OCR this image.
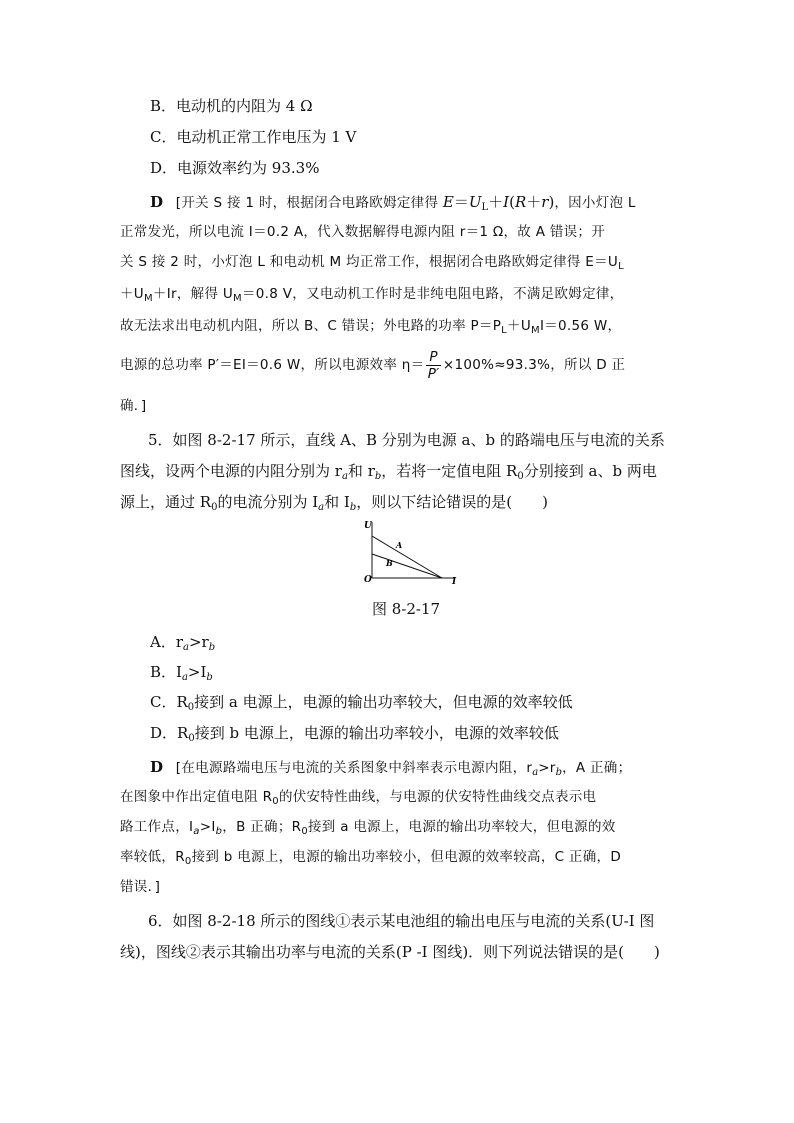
B．电动机的内阻为 4 Ω
C．电动机正常工作电压为 1 V
D．电源效率约为 93.3%
D [开关 S 接 1 时，根据闭合电路欧姆定律得 $E=U_L+I(R+r)$，因小灯泡 L
正常发光，所以电流 I＝0.2 A，代入数据解得电源内阻 r＝1 Ω，故 A 错误；开
关 S 接 2 时，小灯泡 L 和电动机 M 均正常工作，根据闭合电路欧姆定律得 $E=U_L$
$+U_M+Ir$，解得 $U_M=0.8$ V，又电动机工作时是非纯电阻电路，不满足欧姆定律，
故无法求出电动机内阻，所以 B、C 错误；外电路的功率 $P=P_L+U_MI=0.56$ W，
电源的总功率 P′＝EI＝0.6 W，所以电源效率 $\eta= \frac{P}{P'} \times 100\%\approx 93.3\%$，所以 D 正
确．]
5．如图 8-2-17 所示，直线 A、B 分别为电源 a、b 的路端电压与电流的关系
图线，设两个电源的内阻分别为 $r_a$和 $r_b$，若将一定值电阻 $R_0$分别接到 a、b 两电
源上，通过 $R_0$的电流分别为 $I_a$和 $I_b$，则以下结论错误的是(　　)
U
I
O
A
B
图 8-2-17
A．$r_a>r_b$
B．$I_a>I_b$
C．$R_0$接到 a 电源上，电源的输出功率较大，但电源的效率较低
D．$R_0$接到 b 电源上，电源的输出功率较小，电源的效率较低
D [在电源路端电压与电流的关系图象中斜率表示电源内阻，$r_a>r_b$，A 正确；
在图象中作出定值电阻 $R_0$的伏安特性曲线，与电源的伏安特性曲线交点表示电
路工作点，$I_a>I_b$，B 正确；$R_0$接到 a 电源上，电源的输出功率较大，但电源的效
率较低，$R_0$接到 b 电源上，电源的输出功率较小，但电源的效率较高，C 正确，D
错误．]
6．如图 8-2-18 所示的图线①表示某电池组的输出电压与电流的关系(U-I 图
线)，图线②表示其输出功率与电流的关系(P -I 图线)．则下列说法错误的是(　　)
